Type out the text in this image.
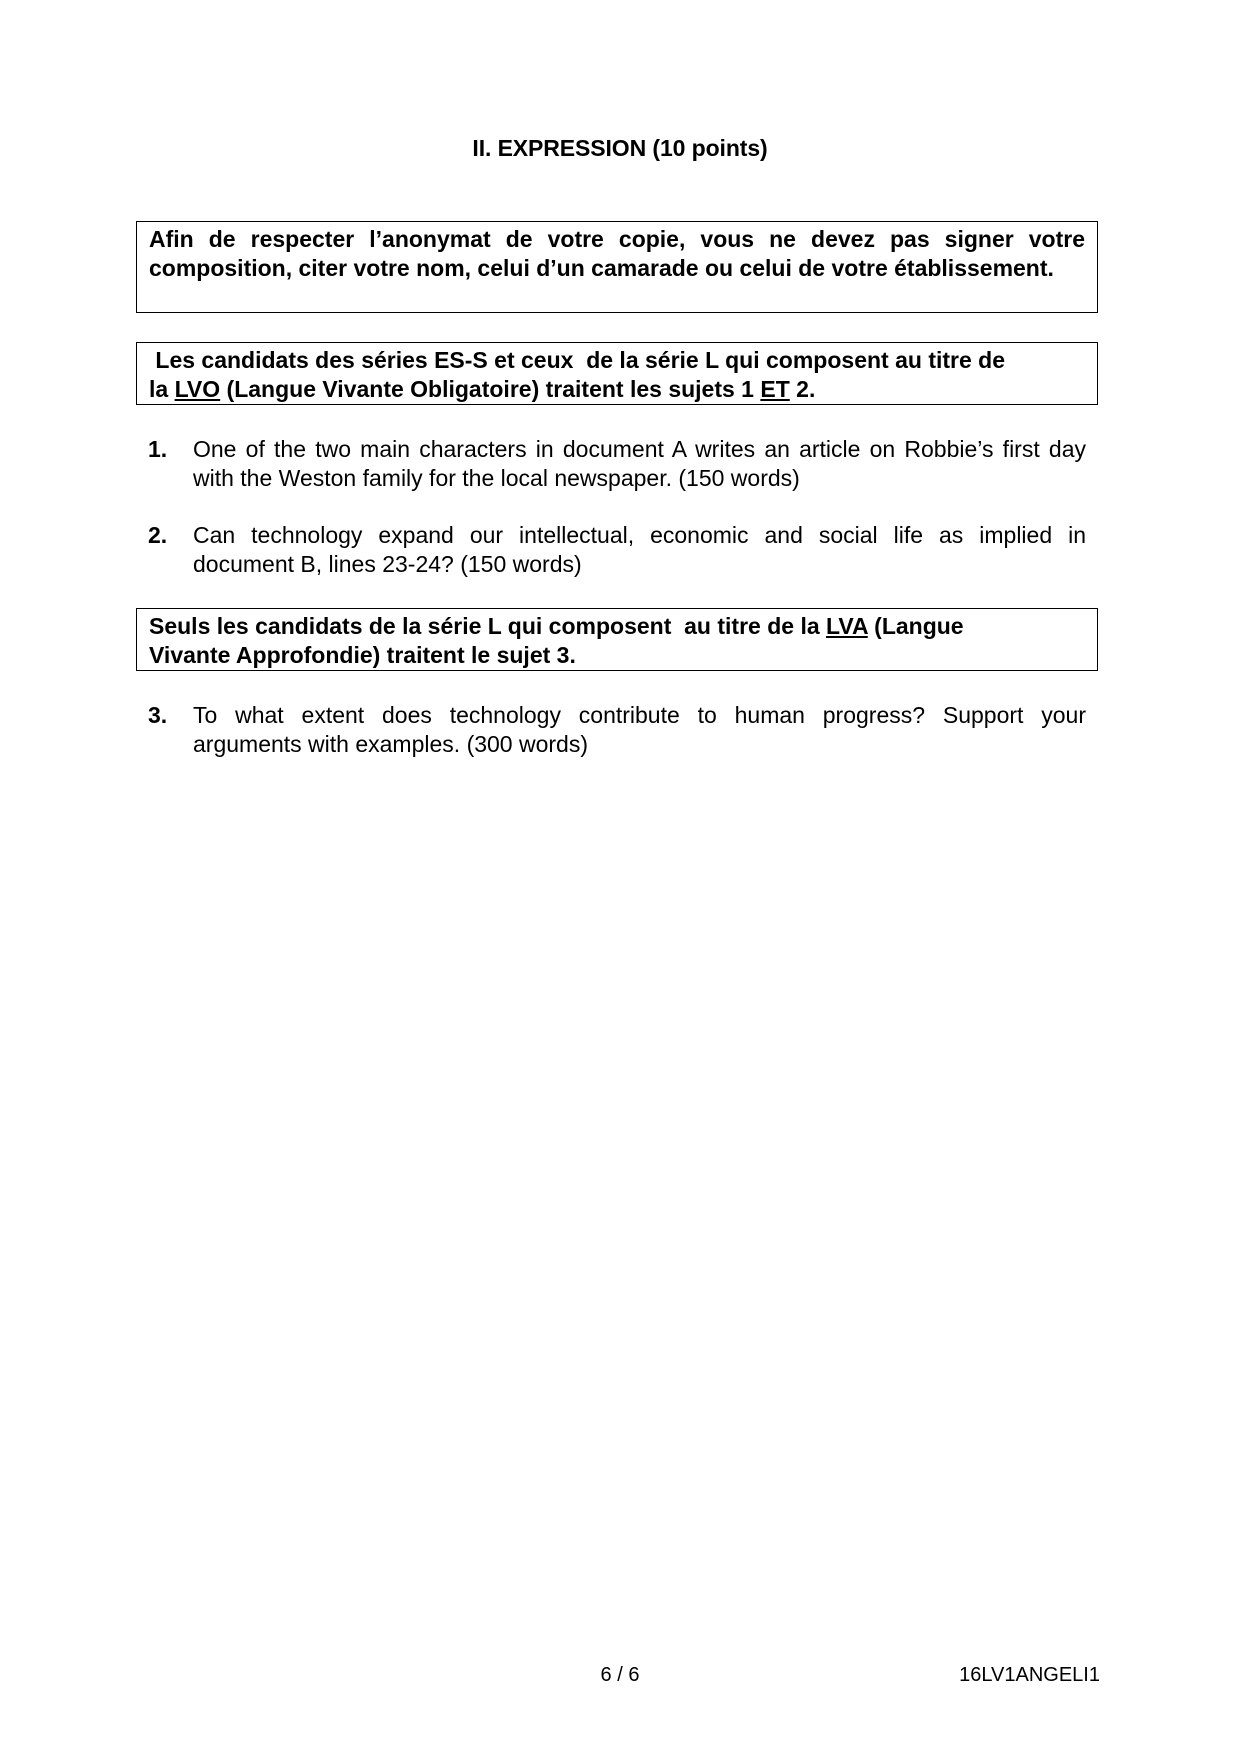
II. EXPRESSION (10 points)

Afin de respecter l’anonymat de votre copie, vous ne devez pas signer votre composition, citer votre nom, celui d’un camarade ou celui de votre établissement.

Les candidats des séries ES-S et ceux  de la série L qui composent au titre de

la LVO (Langue Vivante Obligatoire) traitent les sujets 1 ET 2.

1.	One of the two main characters in document A writes an article on Robbie’s first day with the Weston family for the local newspaper. (150 words)
2.	Can technology expand our intellectual, economic and social life as implied in document B, lines 23-24? (150 words)

Seuls les candidats de la série L qui composent  au titre de la LVA (Langue

Vivante Approfondie) traitent le sujet 3.

3.	To what extent does technology contribute to human progress? Support your arguments with examples. (300 words)

6 / 6	16LV1ANGELI1
